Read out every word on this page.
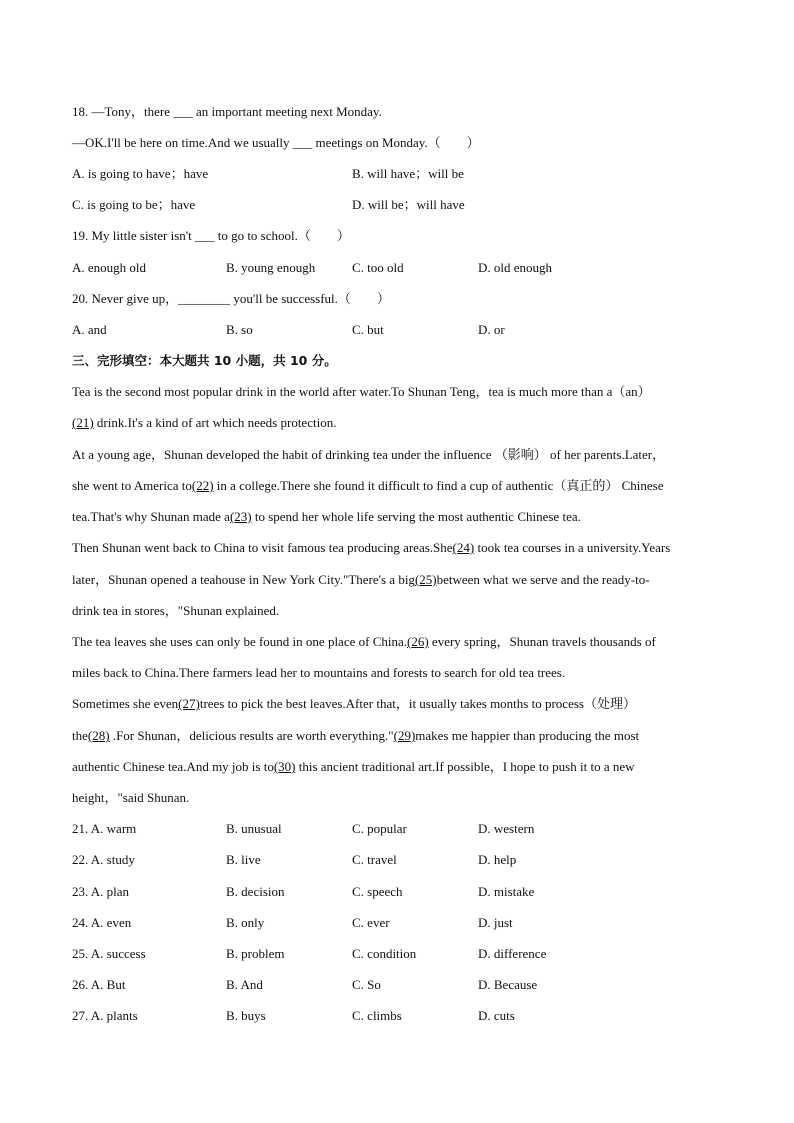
18. —Tony，there ___ an important meeting next Monday.
—OK.I'll be here on time.And we usually ___ meetings on Monday.（　　）
A. is going to have；have	B. will have；will be
C. is going to be；have	D. will be；will have
19. My little sister isn't ___ to go to school.（　　）
A. enough old	B. young enough	C. too old	D. old enough
20. Never give up，________ you'll be successful.（　　）
A. and	B. so	C. but	D. or
三、完形填空：本大题共 10 小题，共 10 分。
Tea is the second most popular drink in the world after water.To Shunan Teng，tea is much more than a（an）
(21) drink.It's a kind of art which needs protection.
At a young age，Shunan developed the habit of drinking tea under the influence （影响） of her parents.Later，
she went to America to(22) in a college.There she found it difficult to find a cup of authentic（真正的） Chinese
tea.That's why Shunan made a(23) to spend her whole life serving the most authentic Chinese tea.
Then Shunan went back to China to visit famous tea producing areas.She(24) took tea courses in a university.Years
later，Shunan opened a teahouse in New York City."There's a big(25)between what we serve and the ready-to-
drink tea in stores，"Shunan explained.
The tea leaves she uses can only be found in one place of China.(26) every spring，Shunan travels thousands of
miles back to China.There farmers lead her to mountains and forests to search for old tea trees.
Sometimes she even(27)trees to pick the best leaves.After that，it usually takes months to process（处理）
the(28) .For Shunan，delicious results are worth everything."(29)makes me happier than producing the most
authentic Chinese tea.And my job is to(30) this ancient traditional art.If possible，I hope to push it to a new
height，"said Shunan.
21. A. warm	B. unusual	C. popular	D. western
22. A. study	B. live	C. travel	D. help
23. A. plan	B. decision	C. speech	D. mistake
24. A. even	B. only	C. ever	D. just
25. A. success	B. problem	C. condition	D. difference
26. A. But	B. And	C. So	D. Because
27. A. plants	B. buys	C. climbs	D. cuts
